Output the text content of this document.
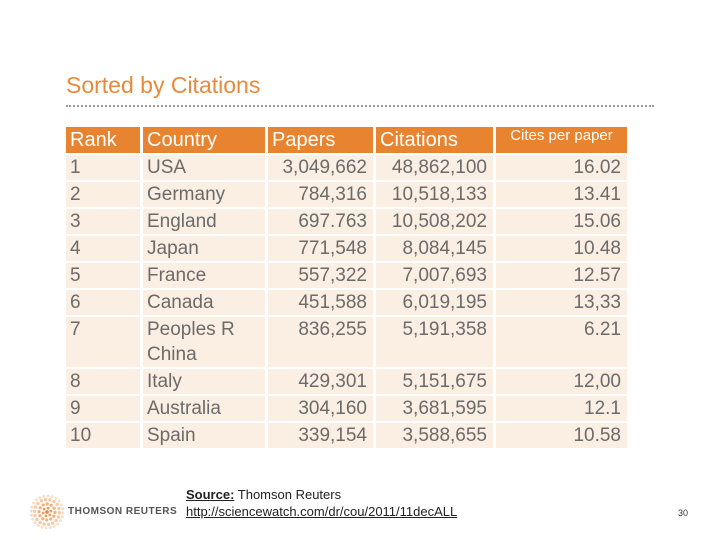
Sorted by Citations
Rank	Country	Papers	Citations	Cites per paper
1	USA	3,049,662	48,862,100	16.02
2	Germany	784,316	10,518,133	13.41
3	England	697.763	10,508,202	15.06
4	Japan	771,548	8,084,145	10.48
5	France	557,322	7,007,693	12.57
6	Canada	451,588	6,019,195	13,33
7	Peoples R China	836,255	5,191,358	6.21
8	Italy	429,301	5,151,675	12,00
9	Australia	304,160	3,681,595	12.1
10	Spain	339,154	3,588,655	10.58
THOMSON REUTERS
Source: Thomson Reuters
http://sciencewatch.com/dr/cou/2011/11decALL	30
